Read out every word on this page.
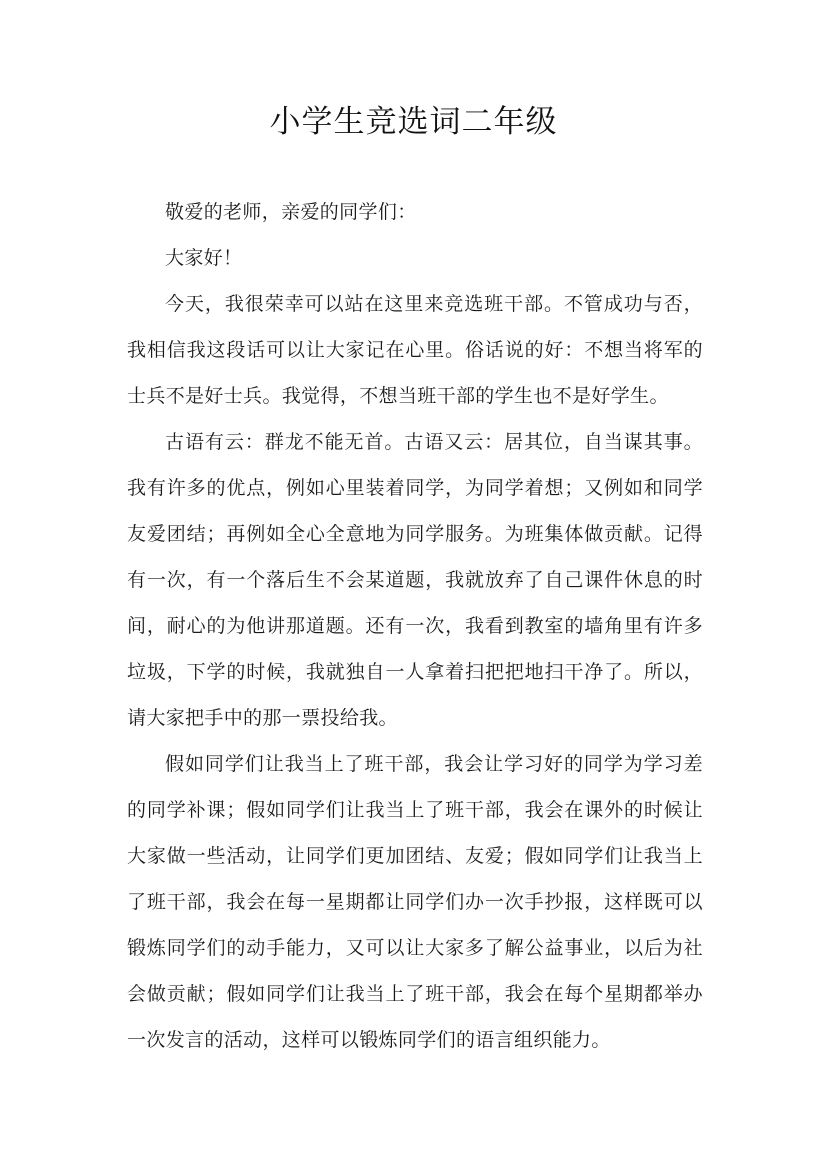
小学生竞选词二年级

敬爱的老师，亲爱的同学们：

大家好！

今天，我很荣幸可以站在这里来竞选班干部。不管成功与否，我相信我这段话可以让大家记在心里。俗话说的好：不想当将军的士兵不是好士兵。我觉得，不想当班干部的学生也不是好学生。

古语有云：群龙不能无首。古语又云：居其位，自当谋其事。我有许多的优点，例如心里装着同学，为同学着想；又例如和同学友爱团结；再例如全心全意地为同学服务。为班集体做贡献。记得有一次，有一个落后生不会某道题，我就放弃了自己课件休息的时间，耐心的为他讲那道题。还有一次，我看到教室的墙角里有许多垃圾，下学的时候，我就独自一人拿着扫把把地扫干净了。所以，请大家把手中的那一票投给我。

假如同学们让我当上了班干部，我会让学习好的同学为学习差的同学补课；假如同学们让我当上了班干部，我会在课外的时候让大家做一些活动，让同学们更加团结、友爱；假如同学们让我当上了班干部，我会在每一星期都让同学们办一次手抄报，这样既可以锻炼同学们的动手能力，又可以让大家多了解公益事业，以后为社会做贡献；假如同学们让我当上了班干部，我会在每个星期都举办一次发言的活动，这样可以锻炼同学们的语言组织能力。
